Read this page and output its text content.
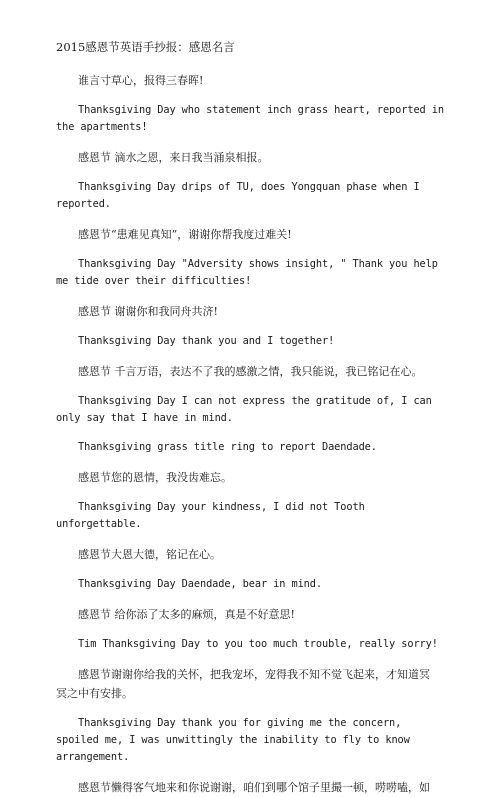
2015感恩节英语手抄报：感恩名言

谁言寸草心，报得三春晖!

Thanksgiving Day who statement inch grass heart, reported in the apartments!

感恩节 滴水之恩，来日我当涌泉相报。

Thanksgiving Day drips of TU, does Yongquan phase when I reported.

感恩节“患难见真知”，谢谢你帮我度过难关!

Thanksgiving Day "Adversity shows insight, " Thank you help me tide over their difficulties!

感恩节 谢谢你和我同舟共济!

Thanksgiving Day thank you and I together!

感恩节 千言万语，表达不了我的感激之情，我只能说，我已铭记在心。

Thanksgiving Day I can not express the gratitude of, I can only say that I have in mind.

Thanksgiving grass title ring to report Daendade.

感恩节您的恩情，我没齿难忘。

Thanksgiving Day your kindness, I did not Tooth unforgettable.

感恩节大恩大德，铭记在心。

Thanksgiving Day Daendade, bear in mind.

感恩节 给你添了太多的麻烦，真是不好意思!

Tim Thanksgiving Day to you too much trouble, really sorry!

感恩节谢谢你给我的关怀，把我宠坏，宠得我不知不觉飞起来，才知道冥 冥之中有安排。

Thanksgiving Day thank you for giving me the concern, spoiled me, I was unwittingly the inability to fly to know arrangement.

感恩节懒得客气地来和你说谢谢，咱们到哪个馆子里撮一顿，唠唠嗑，如
